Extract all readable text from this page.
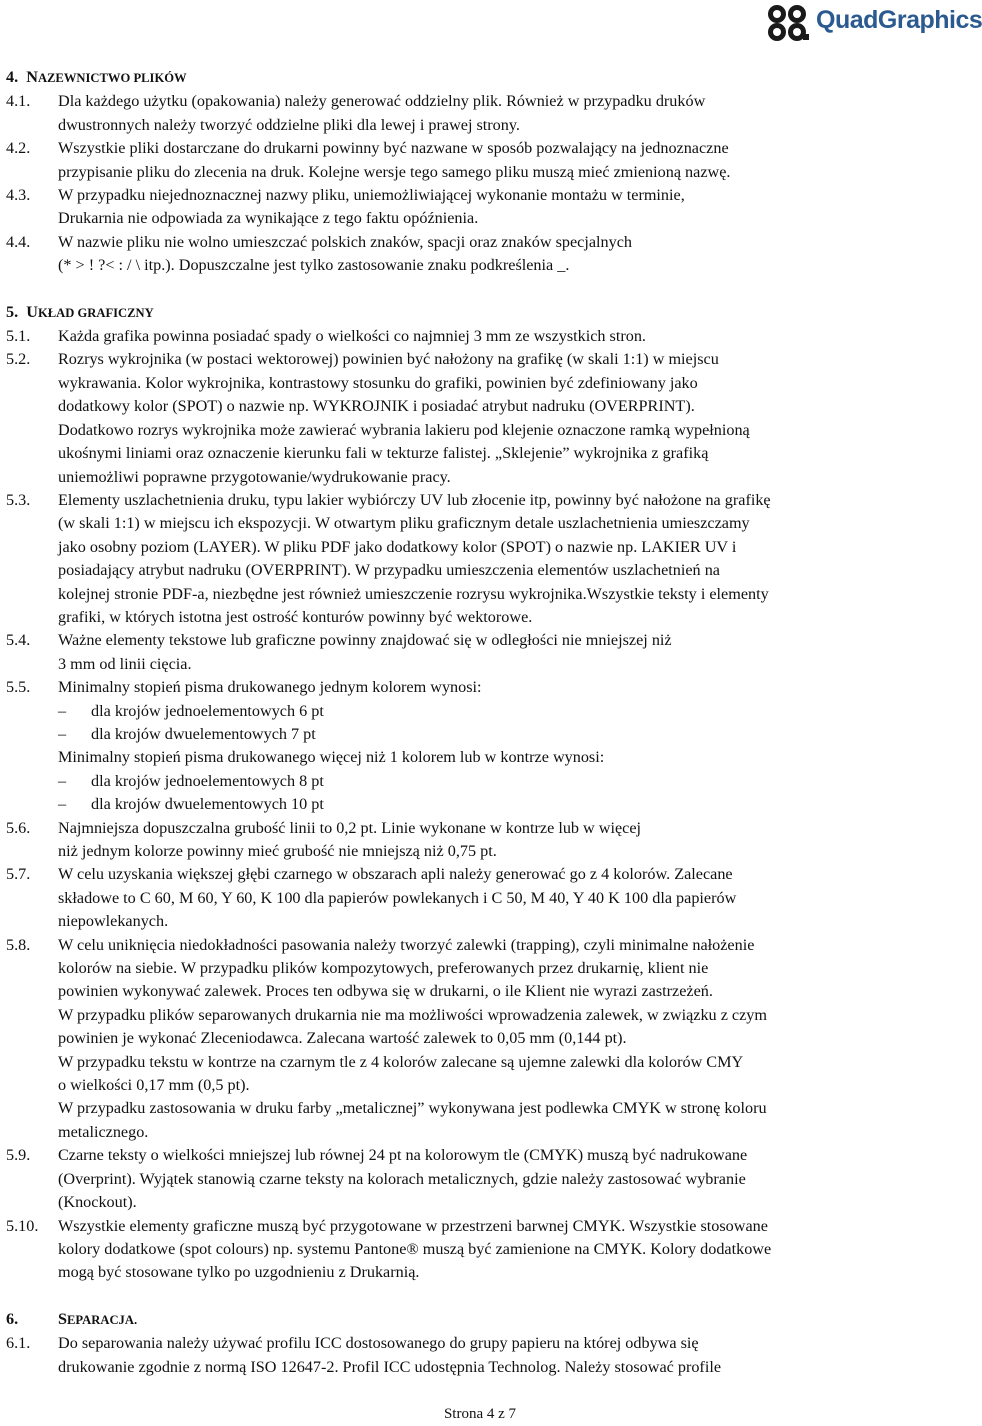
QuadGraphics
4. NAZEWNICTWO PLIKÓW
4.1. Dla każdego użytku (opakowania) należy generować oddzielny plik. Również w przypadku druków
dwustronnych należy tworzyć oddzielne pliki dla lewej i prawej strony.
4.2. Wszystkie pliki dostarczane do drukarni powinny być nazwane w sposób pozwalający na jednoznaczne
przypisanie pliku do zlecenia na druk. Kolejne wersje tego samego pliku muszą mieć zmienioną nazwę.
4.3. W przypadku niejednoznacznej nazwy pliku, uniemożliwiającej wykonanie montażu w terminie,
Drukarnia nie odpowiada za wynikające z tego faktu opóźnienia.
4.4. W nazwie pliku nie wolno umieszczać polskich znaków, spacji oraz znaków specjalnych
(* > ! ?< : / \ itp.). Dopuszczalne jest tylko zastosowanie znaku podkreślenia _.
5. UKŁAD GRAFICZNY
5.1. Każda grafika powinna posiadać spady o wielkości co najmniej 3 mm ze wszystkich stron.
5.2. Rozrys wykrojnika (w postaci wektorowej) powinien być nałożony na grafikę (w skali 1:1) w miejscu
wykrawania. Kolor wykrojnika, kontrastowy stosunku do grafiki, powinien być zdefiniowany jako
dodatkowy kolor (SPOT) o nazwie np. WYKROJNIK i posiadać atrybut nadruku (OVERPRINT).
Dodatkowo rozrys wykrojnika może zawierać wybrania lakieru pod klejenie oznaczone ramką wypełnioną
ukośnymi liniami oraz oznaczenie kierunku fali w tekturze falistej. „Sklejenie” wykrojnika z grafiką
uniemożliwi poprawne przygotowanie/wydrukowanie pracy.
5.3. Elementy uszlachetnienia druku, typu lakier wybiórczy UV lub złocenie itp, powinny być nałożone na grafikę
(w skali 1:1) w miejscu ich ekspozycji. W otwartym pliku graficznym detale uszlachetnienia umieszczamy
jako osobny poziom (LAYER). W pliku PDF jako dodatkowy kolor (SPOT) o nazwie np. LAKIER UV i
posiadający atrybut nadruku (OVERPRINT). W przypadku umieszczenia elementów uszlachetnień na
kolejnej stronie PDF-a, niezbędne jest również umieszczenie rozrysu wykrojnika.Wszystkie teksty i elementy
grafiki, w których istotna jest ostrość konturów powinny być wektorowe.
5.4. Ważne elementy tekstowe lub graficzne powinny znajdować się w odległości nie mniejszej niż
3 mm od linii cięcia.
5.5. Minimalny stopień pisma drukowanego jednym kolorem wynosi:
– dla krojów jednoelementowych 6 pt
– dla krojów dwuelementowych 7 pt
Minimalny stopień pisma drukowanego więcej niż 1 kolorem lub w kontrze wynosi:
– dla krojów jednoelementowych 8 pt
– dla krojów dwuelementowych 10 pt
5.6. Najmniejsza dopuszczalna grubość linii to 0,2 pt. Linie wykonane w kontrze lub w więcej
niż jednym kolorze powinny mieć grubość nie mniejszą niż 0,75 pt.
5.7. W celu uzyskania większej głębi czarnego w obszarach apli należy generować go z 4 kolorów. Zalecane
składowe to C 60, M 60, Y 60, K 100 dla papierów powlekanych i C 50, M 40, Y 40 K 100 dla papierów
niepowlekanych.
5.8. W celu uniknięcia niedokładności pasowania należy tworzyć zalewki (trapping), czyli minimalne nałożenie
kolorów na siebie. W przypadku plików kompozytowych, preferowanych przez drukarnię, klient nie
powinien wykonywać zalewek. Proces ten odbywa się w drukarni, o ile Klient nie wyrazi zastrzeżeń.
W przypadku plików separowanych drukarnia nie ma możliwości wprowadzenia zalewek, w związku z czym
powinien je wykonać Zleceniodawca. Zalecana wartość zalewek to 0,05 mm (0,144 pt).
W przypadku tekstu w kontrze na czarnym tle z 4 kolorów zalecane są ujemne zalewki dla kolorów CMY
o wielkości 0,17 mm (0,5 pt).
W przypadku zastosowania w druku farby „metalicznej” wykonywana jest podlewka CMYK w stronę koloru
metalicznego.
5.9. Czarne teksty o wielkości mniejszej lub równej 24 pt na kolorowym tle (CMYK) muszą być nadrukowane
(Overprint). Wyjątek stanowią czarne teksty na kolorach metalicznych, gdzie należy zastosować wybranie
(Knockout).
5.10. Wszystkie elementy graficzne muszą być przygotowane w przestrzeni barwnej CMYK. Wszystkie stosowane
kolory dodatkowe (spot colours) np. systemu Pantone® muszą być zamienione na CMYK. Kolory dodatkowe
mogą być stosowane tylko po uzgodnieniu z Drukarnią.
6.	SEPARACJA.
6.1. Do separowania należy używać profilu ICC dostosowanego do grupy papieru na której odbywa się
drukowanie zgodnie z normą ISO 12647-2. Profil ICC udostępnia Technolog. Należy stosować profile
Strona 4 z 7
